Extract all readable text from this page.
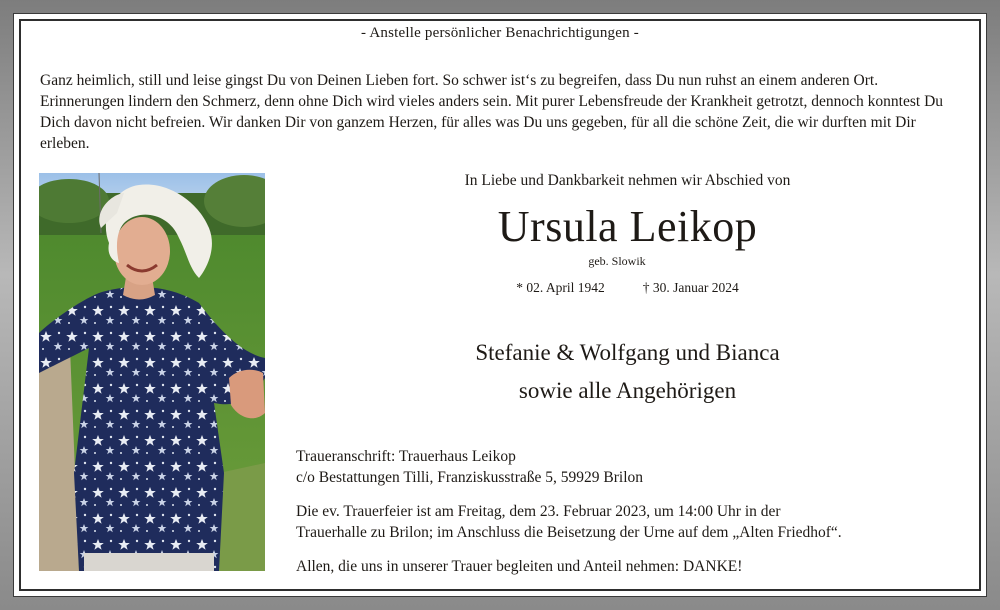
- Anstelle persönlicher Benachrichtigungen -
Ganz heimlich, still und leise gingst Du von Deinen Lieben fort. So schwer ist‘s zu begreifen, dass Du nun ruhst an einem anderen Ort. Erinnerungen lindern den Schmerz, denn ohne Dich wird vieles anders sein. Mit purer Lebensfreude der Krankheit getrotzt, dennoch konntest Du Dich davon nicht befreien. Wir danken Dir von ganzem Herzen, für alles was Du uns gegeben, für all die schöne Zeit, die wir durften mit Dir erleben.
In Liebe und Dankbarkeit nehmen wir Abschied von
Ursula Leikop
geb. Slowik
* 02. April 1942	† 30. Januar 2024
Stefanie & Wolfgang und Bianca
sowie alle Angehörigen
Traueranschrift: Trauerhaus Leikop
c/o Bestattungen Tilli, Franziskusstraße 5, 59929 Brilon
Die ev. Trauerfeier ist am Freitag, dem 23. Februar 2023, um 14:00 Uhr in der
Trauerhalle zu Brilon; im Anschluss die Beisetzung der Urne auf dem „Alten Friedhof“.
Allen, die uns in unserer Trauer begleiten und Anteil nehmen: DANKE!
